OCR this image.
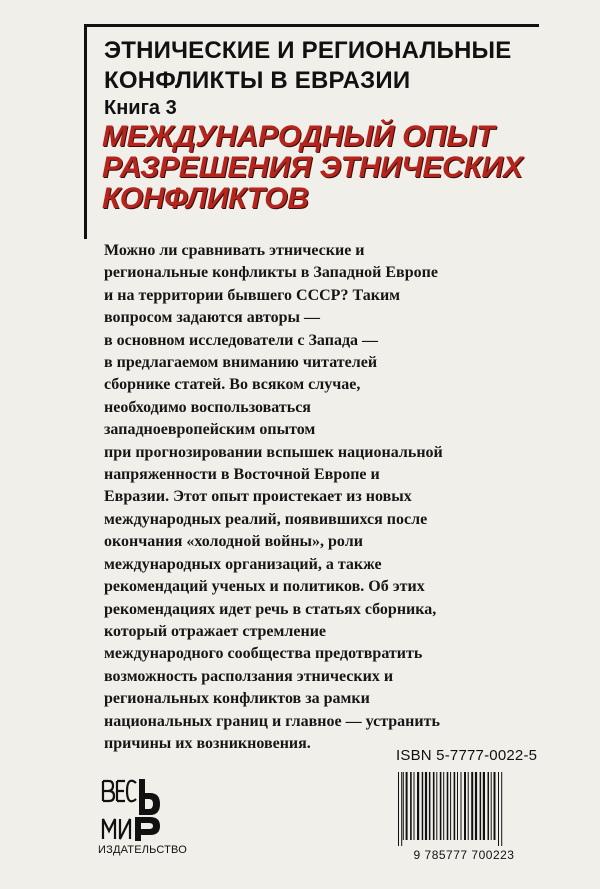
ЭТНИЧЕСКИЕ И РЕГИОНАЛЬНЫЕ
КОНФЛИКТЫ В ЕВРАЗИИ
Книга 3
МЕЖДУНАРОДНЫЙ ОПЫТ
РАЗРЕШЕНИЯ ЭТНИЧЕСКИХ
КОНФЛИКТОВ
Можно ли сравнивать этнические и
региональные конфликты в Западной Европе
и на территории бывшего СССР? Таким
вопросом задаются авторы —
в основном исследователи с Запада —
в предлагаемом вниманию читателей
сборнике статей. Во всяком случае,
необходимо воспользоваться
западноевропейским опытом
при прогнозировании вспышек национальной
напряженности в Восточной Европе и
Евразии. Этот опыт проистекает из новых
международных реалий, появившихся после
окончания «холодной войны», роли
международных организаций, а также
рекомендаций ученых и политиков. Об этих
рекомендациях идет речь в статьях сборника,
который отражает стремление
международного сообщества предотвратить
возможность расползания этнических и
региональных конфликтов за рамки
национальных границ и главное — устранить
причины их возникновения.
ISBN 5-7777-0022-5
9 785777 700223
ИЗДАТЕЛЬСТВО
